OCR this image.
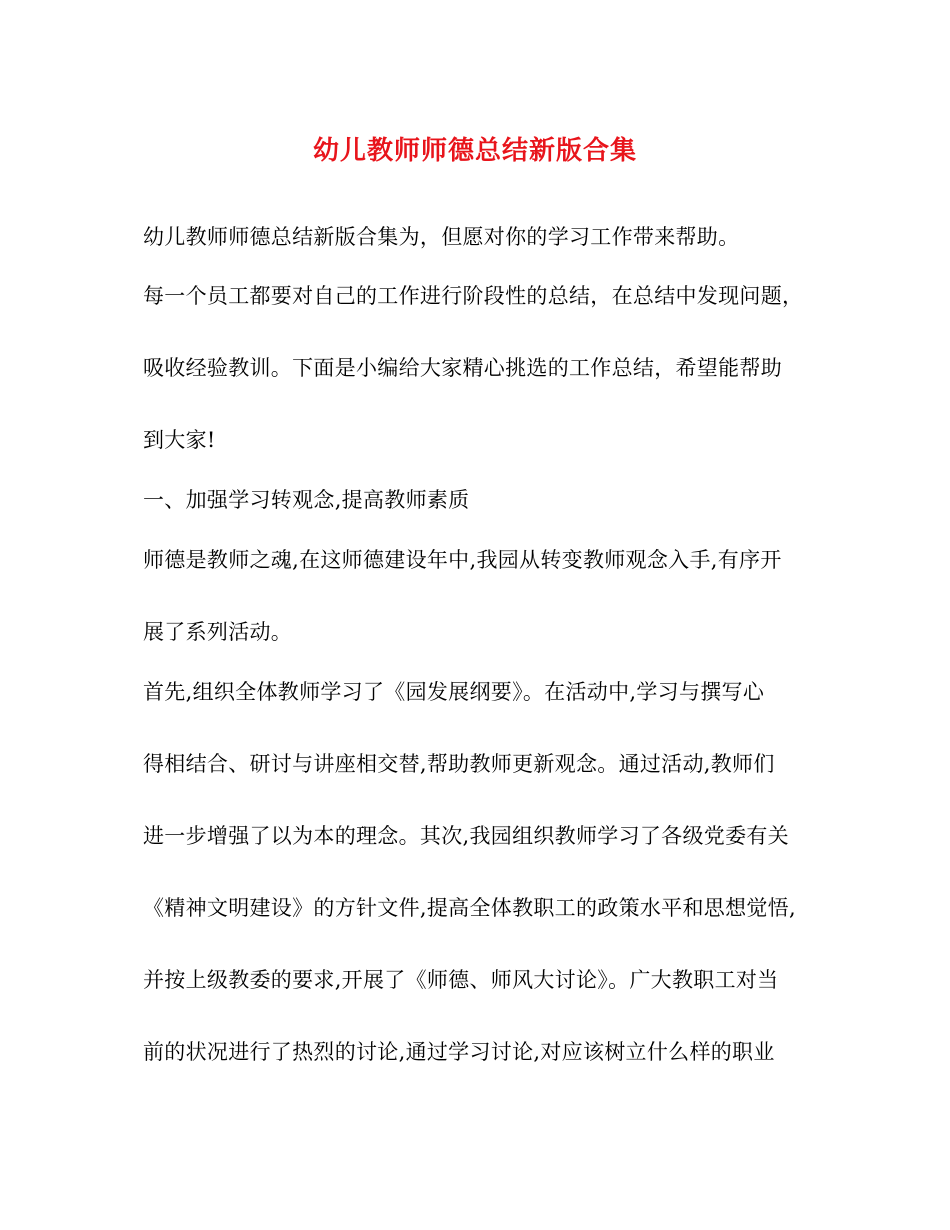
幼儿教师师德总结新版合集
幼儿教师师德总结新版合集为，但愿对你的学习工作带来帮助。
每一个员工都要对自己的工作进行阶段性的总结，在总结中发现问题，
吸收经验教训。下面是小编给大家精心挑选的工作总结，希望能帮助
到大家!
一、加强学习转观念,提高教师素质
师德是教师之魂,在这师德建设年中,我园从转变教师观念入手,有序开
展了系列活动。
首先,组织全体教师学习了《园发展纲要》。在活动中,学习与撰写心
得相结合、研讨与讲座相交替,帮助教师更新观念。通过活动,教师们
进一步增强了以为本的理念。其次,我园组织教师学习了各级党委有关
《精神文明建设》的方针文件,提高全体教职工的政策水平和思想觉悟,
并按上级教委的要求,开展了《师德、师风大讨论》。广大教职工对当
前的状况进行了热烈的讨论,通过学习讨论,对应该树立什么样的职业
